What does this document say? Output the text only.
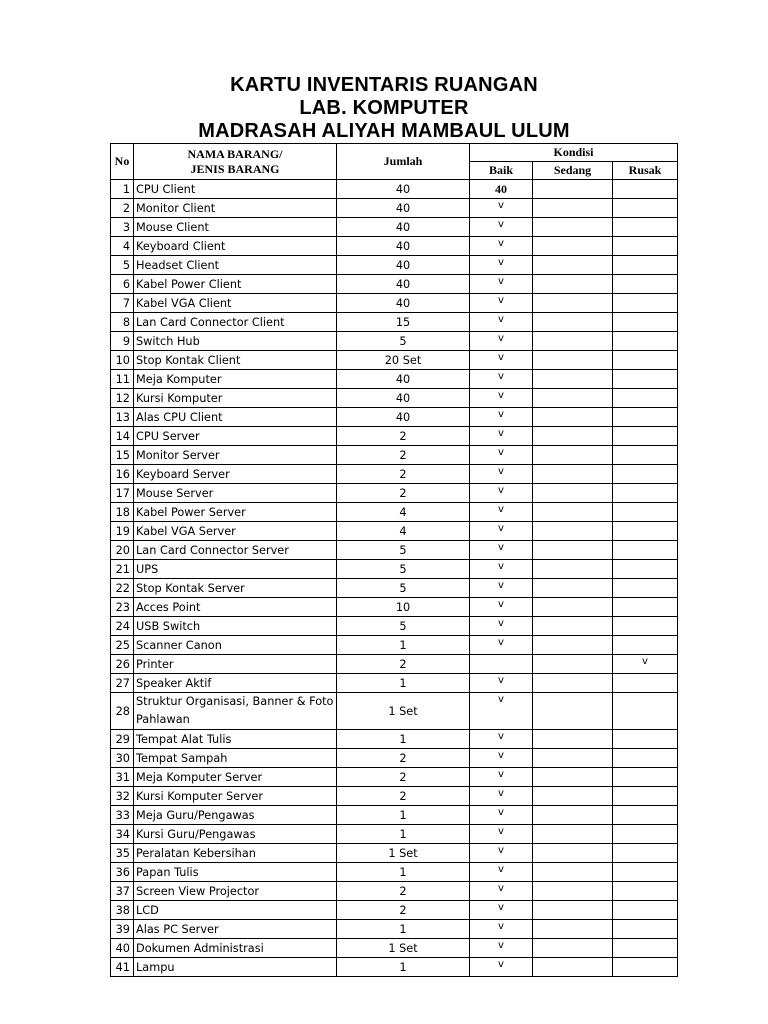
KARTU INVENTARIS RUANGAN
LAB. KOMPUTER
MADRASAH ALIYAH MAMBAUL ULUM
No	NAMA BARANG/
JENIS BARANG	Jumlah	Kondisi		
			Baik	Sedang	Rusak
1	CPU Client	40	40		
2	Monitor Client	40	v		
3	Mouse Client	40	v		
4	Keyboard Client	40	v		
5	Headset Client	40	v		
6	Kabel Power Client	40	v		
7	Kabel VGA Client	40	v		
8	Lan Card Connector Client	15	v		
9	Switch Hub	5	v		
10	Stop Kontak Client	20 Set	v		
11	Meja Komputer	40	v		
12	Kursi Komputer	40	v		
13	Alas CPU Client	40	v		
14	CPU Server	2	v		
15	Monitor Server	2	v		
16	Keyboard Server	2	v		
17	Mouse Server	2	v		
18	Kabel Power Server	4	v		
19	Kabel VGA Server	4	v		
20	Lan Card Connector Server	5	v		
21	UPS	5	v		
22	Stop Kontak Server	5	v		
23	Acces Point	10	v		
24	USB Switch	5	v		
25	Scanner Canon	1	v		
26	Printer	2			v
27	Speaker Aktif	1	v		
28	Struktur Organisasi, Banner & Foto Pahlawan	1 Set	v		
29	Tempat Alat Tulis	1	v		
30	Tempat Sampah	2	v		
31	Meja Komputer Server	2	v		
32	Kursi Komputer Server	2	v		
33	Meja Guru/Pengawas	1	v		
34	Kursi Guru/Pengawas	1	v		
35	Peralatan Kebersihan	1 Set	v		
36	Papan Tulis	1	v		
37	Screen View Projector	2	v		
38	LCD	2	v		
39	Alas PC Server	1	v		
40	Dokumen Administrasi	1 Set	v		
41	Lampu	1	v		
